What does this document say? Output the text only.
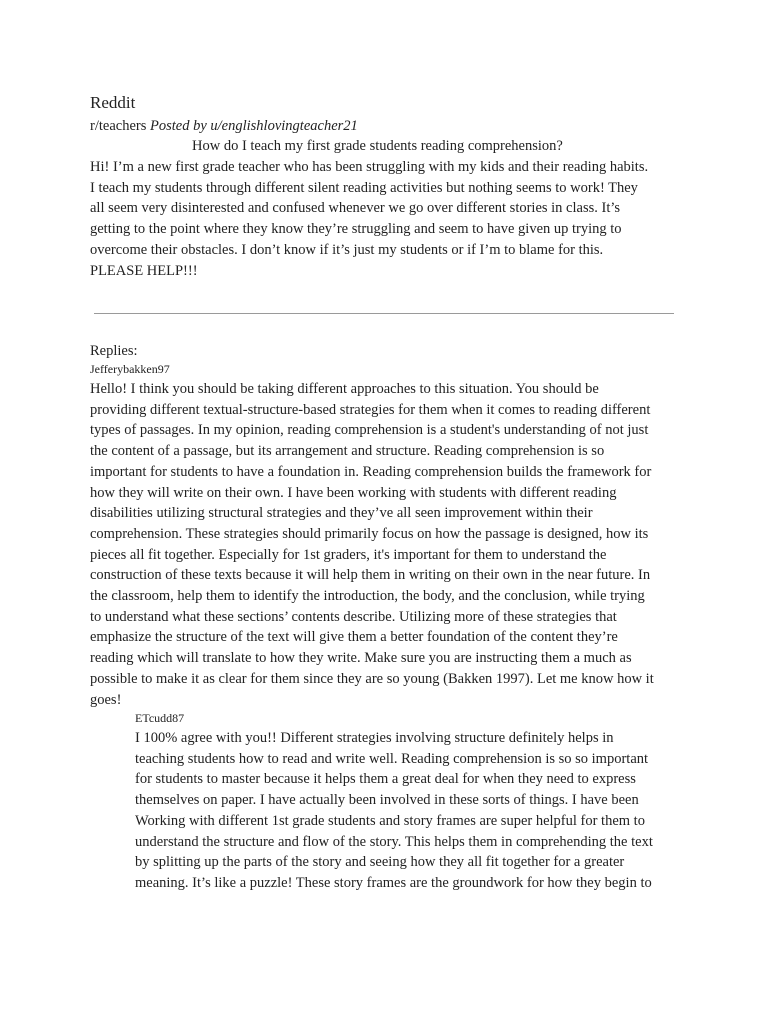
Reddit
r/teachers Posted by u/englishlovingteacher21
How do I teach my first grade students reading comprehension?
Hi! I’m a new first grade teacher who has been struggling with my kids and their reading habits.
I teach my students through different silent reading activities but nothing seems to work! They
all seem very disinterested and confused whenever we go over different stories in class. It’s
getting to the point where they know they’re struggling and seem to have given up trying to
overcome their obstacles. I don’t know if it’s just my students or if I’m to blame for this.
PLEASE HELP!!!
Replies:
Jefferybakken97
Hello! I think you should be taking different approaches to this situation. You should be
providing different textual-structure-based strategies for them when it comes to reading different
types of passages. In my opinion, reading comprehension is a student's understanding of not just
the content of a passage, but its arrangement and structure. Reading comprehension is so
important for students to have a foundation in. Reading comprehension builds the framework for
how they will write on their own. I have been working with students with different reading
disabilities utilizing structural strategies and they’ve all seen improvement within their
comprehension. These strategies should primarily focus on how the passage is designed, how its
pieces all fit together. Especially for 1st graders, it's important for them to understand the
construction of these texts because it will help them in writing on their own in the near future. In
the classroom, help them to identify the introduction, the body, and the conclusion, while trying
to understand what these sections’ contents describe. Utilizing more of these strategies that
emphasize the structure of the text will give them a better foundation of the content they’re
reading which will translate to how they write. Make sure you are instructing them a much as
possible to make it as clear for them since they are so young (Bakken 1997). Let me know how it
goes!
ETcudd87
I 100% agree with you!! Different strategies involving structure definitely helps in
teaching students how to read and write well. Reading comprehension is so so important
for students to master because it helps them a great deal for when they need to express
themselves on paper. I have actually been involved in these sorts of things. I have been
Working with different 1st grade students and story frames are super helpful for them to
understand the structure and flow of the story. This helps them in comprehending the text
by splitting up the parts of the story and seeing how they all fit together for a greater
meaning. It’s like a puzzle! These story frames are the groundwork for how they begin to
